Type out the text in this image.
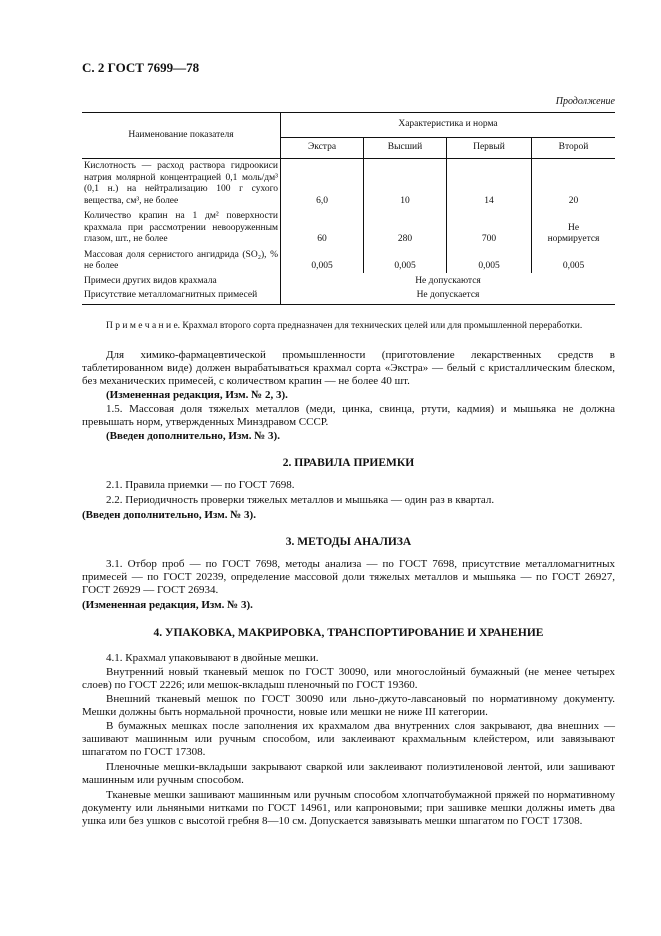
С. 2 ГОСТ 7699—78
Продолжение
Наименование показателя	Характеристика и норма			
	Экстра	Высший	Первый	Второй
Кислотность — расход раствора гидроокиси натрия молярной концентрацией 0,1 моль/дм³ (0,1 н.) на нейтрализацию 100 г сухого вещества, см³, не более	6,0	10	14	20
Количество крапин на 1 дм² поверхности крахмала при рассмотрении невооруженным глазом, шт., не более	60	280	700	Не нормируется
Массовая доля сернистого ангидрида (SO₂), % не более	0,005	0,005	0,005	0,005
Примеси других видов крахмала	Не допускаются			
Присутствие металломагнитных примесей	Не допускается			
П р и м е ч а н и е. Крахмал второго сорта предназначен для технических целей или для промышленной переработки.
Для химико-фармацевтической промышленности (приготовление лекарственных средств в таблетированном виде) должен вырабатываться крахмал сорта «Экстра» — белый с кристаллическим блеском, без механических примесей, с количеством крапин — не более 40 шт.
(Измененная редакция, Изм. № 2, 3).
1.5. Массовая доля тяжелых металлов (меди, цинка, свинца, ртути, кадмия) и мышьяка не должна превышать норм, утвержденных Минздравом СССР.
(Введен дополнительно, Изм. № 3).
2. ПРАВИЛА ПРИЕМКИ
2.1. Правила приемки — по ГОСТ 7698.
2.2. Периодичность проверки тяжелых металлов и мышьяка — один раз в квартал.
(Введен дополнительно, Изм. № 3).
3. МЕТОДЫ АНАЛИЗА
3.1. Отбор проб — по ГОСТ 7698, методы анализа — по ГОСТ 7698, присутствие металломагнитных примесей — по ГОСТ 20239, определение массовой доли тяжелых металлов и мышьяка — по ГОСТ 26927, ГОСТ 26929 — ГОСТ 26934.
(Измененная редакция, Изм. № 3).
4. УПАКОВКА, МАКРИРОВКА, ТРАНСПОРТИРОВАНИЕ И ХРАНЕНИЕ
4.1. Крахмал упаковывают в двойные мешки.
Внутренний новый тканевый мешок по ГОСТ 30090, или многослойный бумажный (не менее четырех слоев) по ГОСТ 2226; или мешок-вкладыш пленочный по ГОСТ 19360.
Внешний тканевый мешок по ГОСТ 30090 или льно-джуто-лавсановый по нормативному документу. Мешки должны быть нормальной прочности, новые или мешки не ниже III категории.
В бумажных мешках после заполнения их крахмалом два внутренних слоя закрывают, два внешних — зашивают машинным или ручным способом, или заклеивают крахмальным клейстером, или завязывают шпагатом по ГОСТ 17308.
Пленочные мешки-вкладыши закрывают сваркой или заклеивают полиэтиленовой лентой, или зашивают машинным или ручным способом.
Тканевые мешки зашивают машинным или ручным способом хлопчатобумажной пряжей по нормативному документу или льняными нитками по ГОСТ 14961, или капроновыми; при зашивке мешки должны иметь два ушка или без ушков с высотой гребня 8—10 см. Допускается завязывать мешки шпагатом по ГОСТ 17308.
